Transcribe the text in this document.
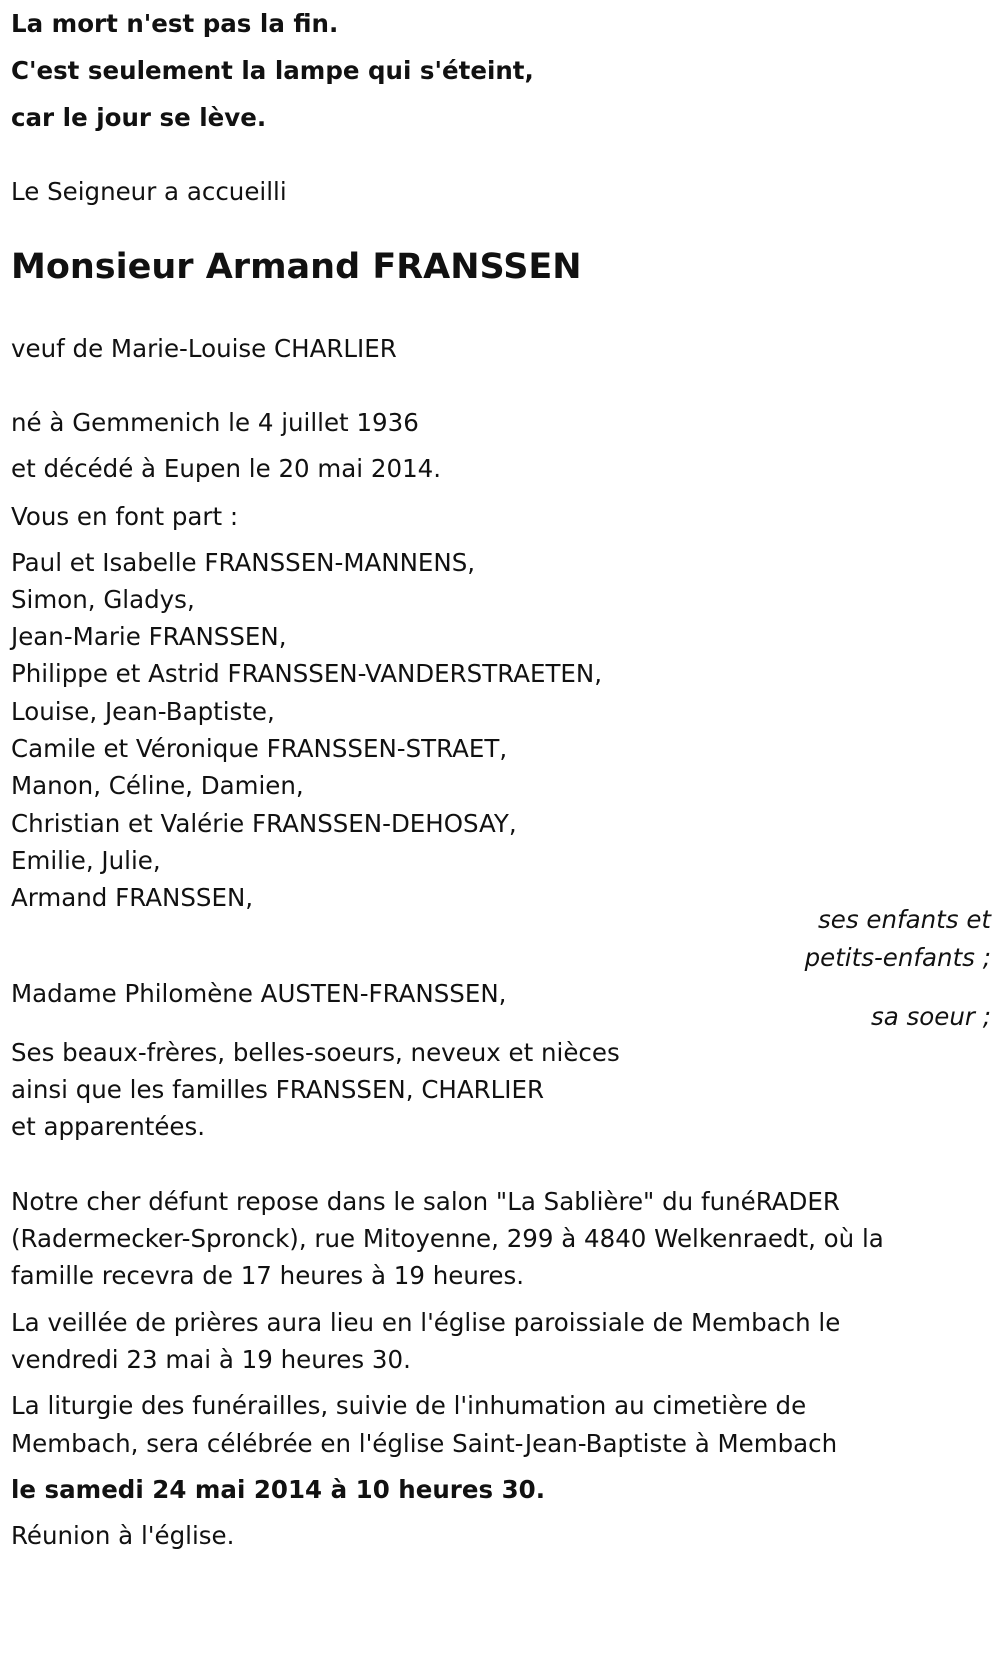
La mort n'est pas la fin.
C'est seulement la lampe qui s'éteint,
car le jour se lève.
Le Seigneur a accueilli
Monsieur Armand FRANSSEN
veuf de Marie-Louise CHARLIER
né à Gemmenich le 4 juillet 1936
et décédé à Eupen le 20 mai 2014.
Vous en font part :
Paul et Isabelle FRANSSEN-MANNENS,
Simon, Gladys,
Jean-Marie FRANSSEN,
Philippe et Astrid FRANSSEN-VANDERSTRAETEN,
Louise, Jean-Baptiste,
Camile et Véronique FRANSSEN-STRAET,
Manon, Céline, Damien,
Christian et Valérie FRANSSEN-DEHOSAY,
Emilie, Julie,
Armand FRANSSEN,
ses enfants et
petits-enfants ;
Madame Philomène AUSTEN-FRANSSEN,
sa soeur ;
Ses beaux-frères, belles-soeurs, neveux et nièces
ainsi que les familles FRANSSEN, CHARLIER
et apparentées.
Notre cher défunt repose dans le salon "La Sablière" du funéRADER
(Radermecker-Spronck), rue Mitoyenne, 299 à 4840 Welkenraedt, où la
famille recevra de 17 heures à 19 heures.
La veillée de prières aura lieu en l'église paroissiale de Membach le
vendredi 23 mai à 19 heures 30.
La liturgie des funérailles, suivie de l'inhumation au cimetière de
Membach, sera célébrée en l'église Saint-Jean-Baptiste à Membach
le samedi 24 mai 2014 à 10 heures 30.
Réunion à l'église.
